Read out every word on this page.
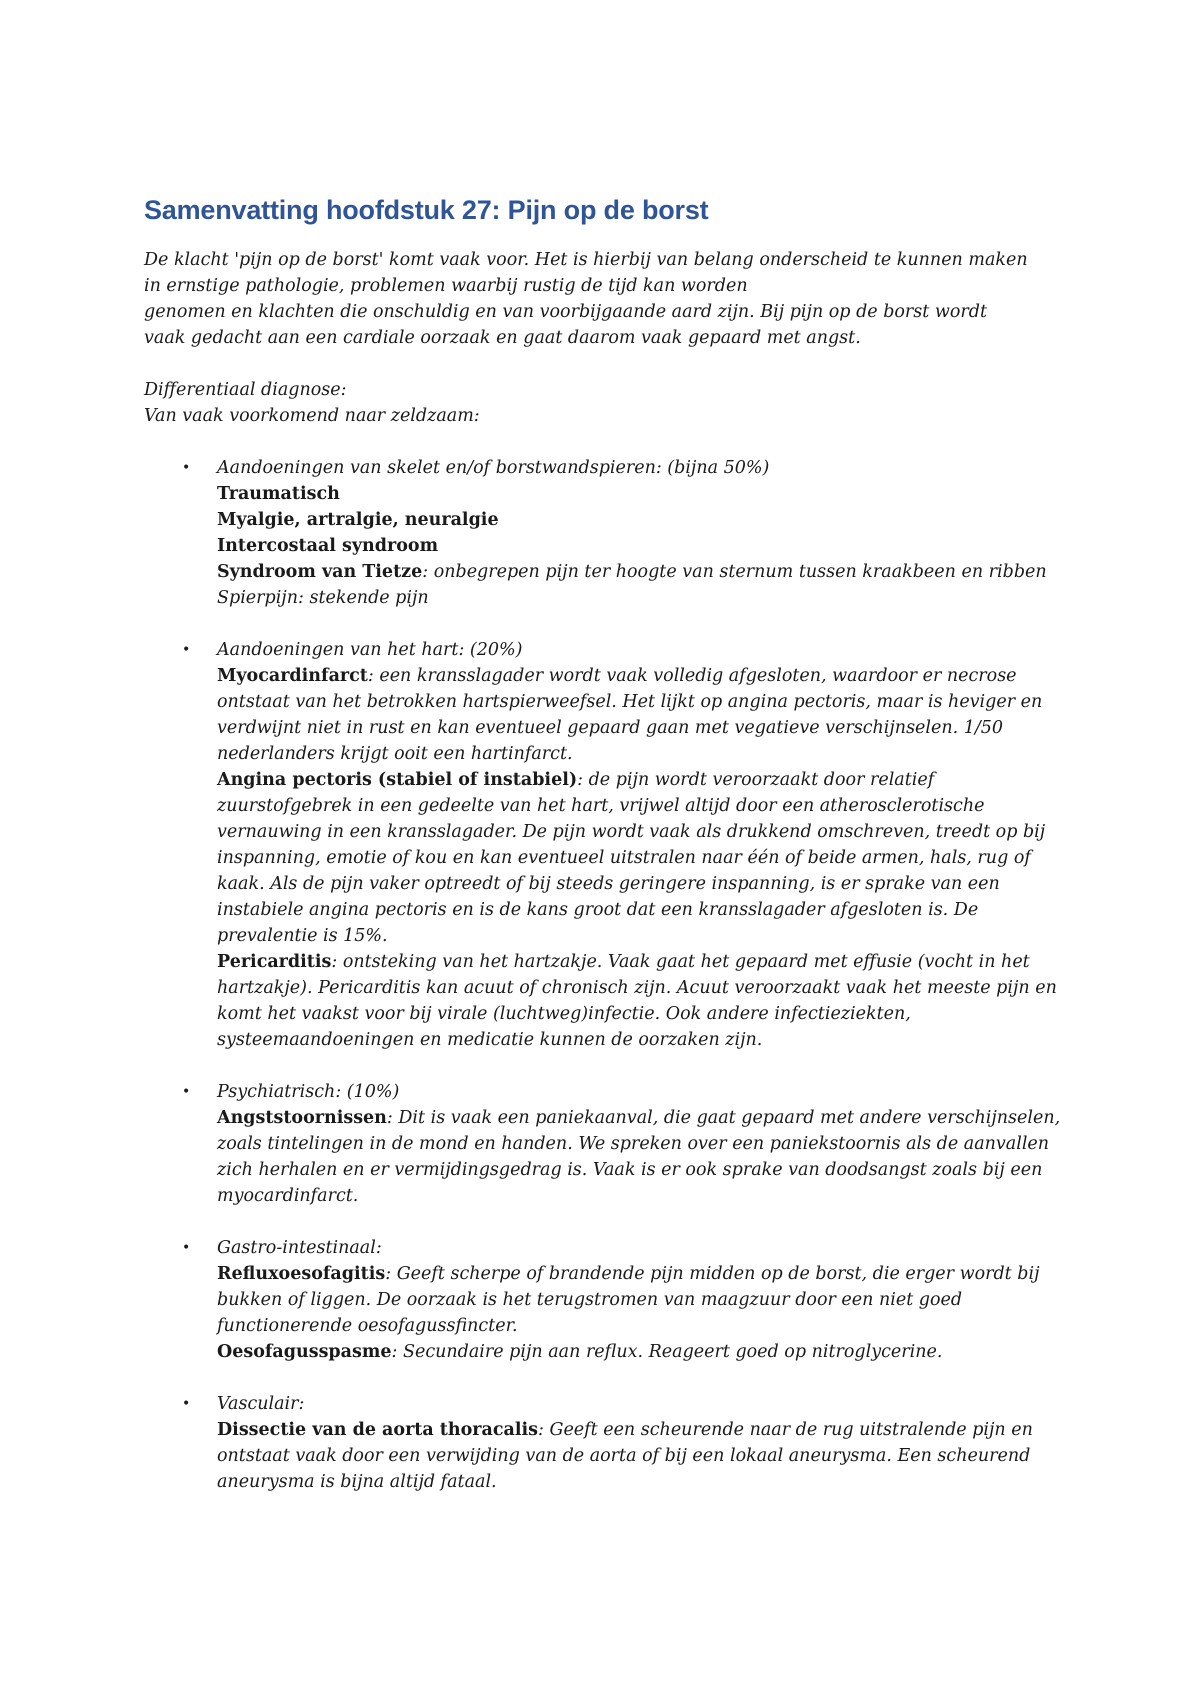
Samenvatting hoofdstuk 27: Pijn op de borst

De klacht 'pijn op de borst' komt vaak voor. Het is hierbij van belang onderscheid te kunnen maken
in ernstige pathologie, problemen waarbij rustig de tijd kan worden
genomen en klachten die onschuldig en van voorbijgaande aard zijn. Bij pijn op de borst wordt
vaak gedacht aan een cardiale oorzaak en gaat daarom vaak gepaard met angst.

Differentiaal diagnose:
Van vaak voorkomend naar zeldzaam:

• Aandoeningen van skelet en/of borstwandspieren: (bijna 50%)
Traumatisch
Myalgie, artralgie, neuralgie
Intercostaal syndroom
Syndroom van Tietze: onbegrepen pijn ter hoogte van sternum tussen kraakbeen en ribben
Spierpijn: stekende pijn
• Aandoeningen van het hart: (20%)
Myocardinfarct: een kransslagader wordt vaak volledig afgesloten, waardoor er necrose ontstaat van het betrokken hartspierweefsel. Het lijkt op angina pectoris, maar is heviger en verdwijnt niet in rust en kan eventueel gepaard gaan met vegatieve verschijnselen. 1/50 nederlanders krijgt ooit een hartinfarct.
Angina pectoris (stabiel of instabiel): de pijn wordt veroorzaakt door relatief zuurstofgebrek in een gedeelte van het hart, vrijwel altijd door een atherosclerotische vernauwing in een kransslagader. De pijn wordt vaak als drukkend omschreven, treedt op bij inspanning, emotie of kou en kan eventueel uitstralen naar één of beide armen, hals, rug of kaak. Als de pijn vaker optreedt of bij steeds geringere inspanning, is er sprake van een instabiele angina pectoris en is de kans groot dat een kransslagader afgesloten is. De prevalentie is 15%.
Pericarditis: ontsteking van het hartzakje. Vaak gaat het gepaard met effusie (vocht in het hartzakje). Pericarditis kan acuut of chronisch zijn. Acuut veroorzaakt vaak het meeste pijn en komt het vaakst voor bij virale (luchtweg)infectie. Ook andere infectieziekten, systeemaandoeningen en medicatie kunnen de oorzaken zijn.
• Psychiatrisch: (10%)
Angststoornissen: Dit is vaak een paniekaanval, die gaat gepaard met andere verschijnselen, zoals tintelingen in de mond en handen. We spreken over een paniekstoornis als de aanvallen zich herhalen en er vermijdingsgedrag is. Vaak is er ook sprake van doodsangst zoals bij een myocardinfarct.
• Gastro-intestinaal:
Refluxoesofagitis: Geeft scherpe of brandende pijn midden op de borst, die erger wordt bij bukken of liggen. De oorzaak is het terugstromen van maagzuur door een niet goed functionerende oesofagussfincter.
Oesofagusspasme: Secundaire pijn aan reflux. Reageert goed op nitroglycerine.
• Vasculair:
Dissectie van de aorta thoracalis: Geeft een scheurende naar de rug uitstralende pijn en ontstaat vaak door een verwijding van de aorta of bij een lokaal aneurysma. Een scheurend aneurysma is bijna altijd fataal.
